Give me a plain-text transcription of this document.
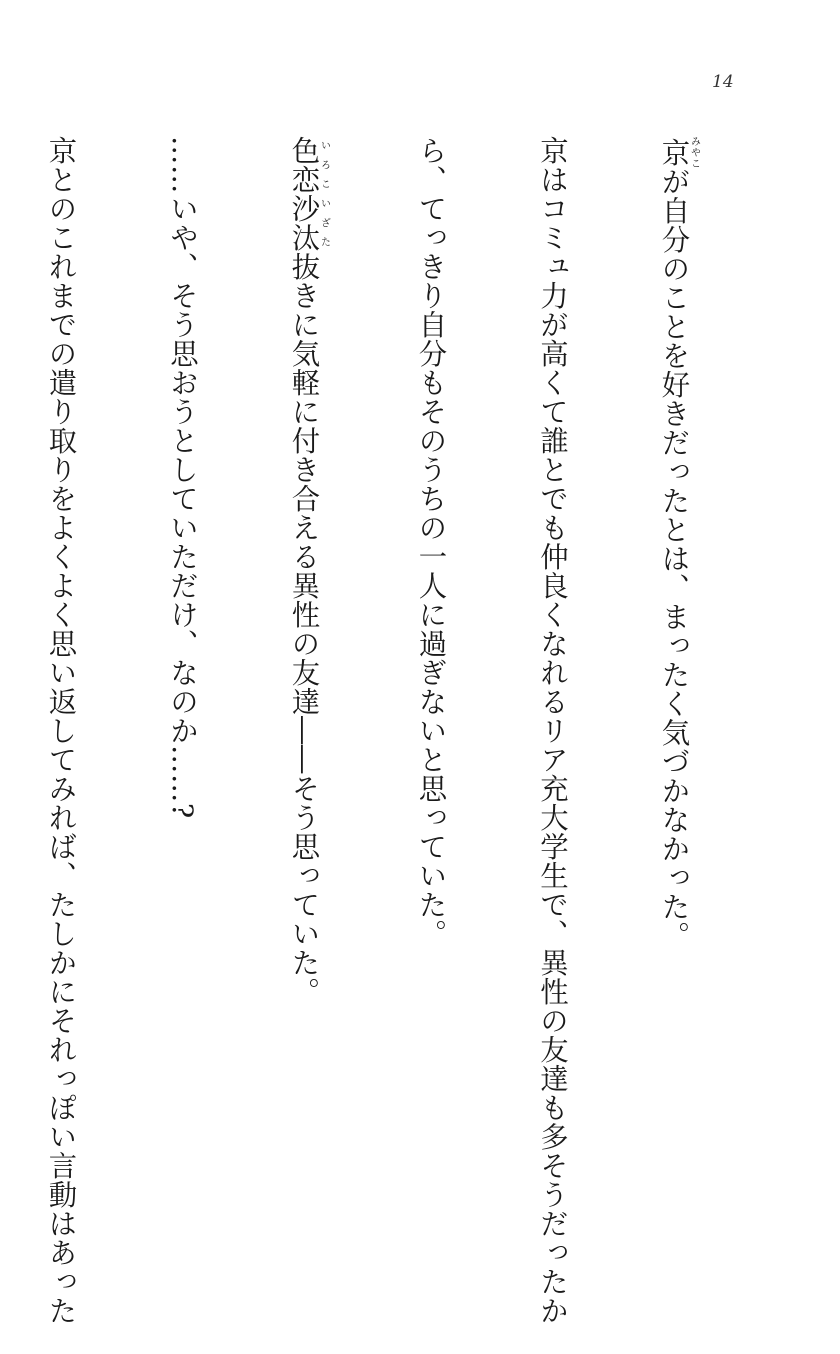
14

京みやこが自分のことを好きだったとは、まったく気づかなかった。

京はコミュ力が高くて誰とでも仲良くなれるリア充大学生で、異性の友達も多そうだったか

ら、てっきり自分もそのうちの一人に過ぎないと思っていた。

色恋沙汰いろこいざた抜きに気軽に付き合える異性の友達――そう思っていた。

……いや、そう思おうとしていただけ、なのか……?

京とのこれまでの遣り取りをよくよく思い返してみれば、たしかにそれっぽい言動はあった
